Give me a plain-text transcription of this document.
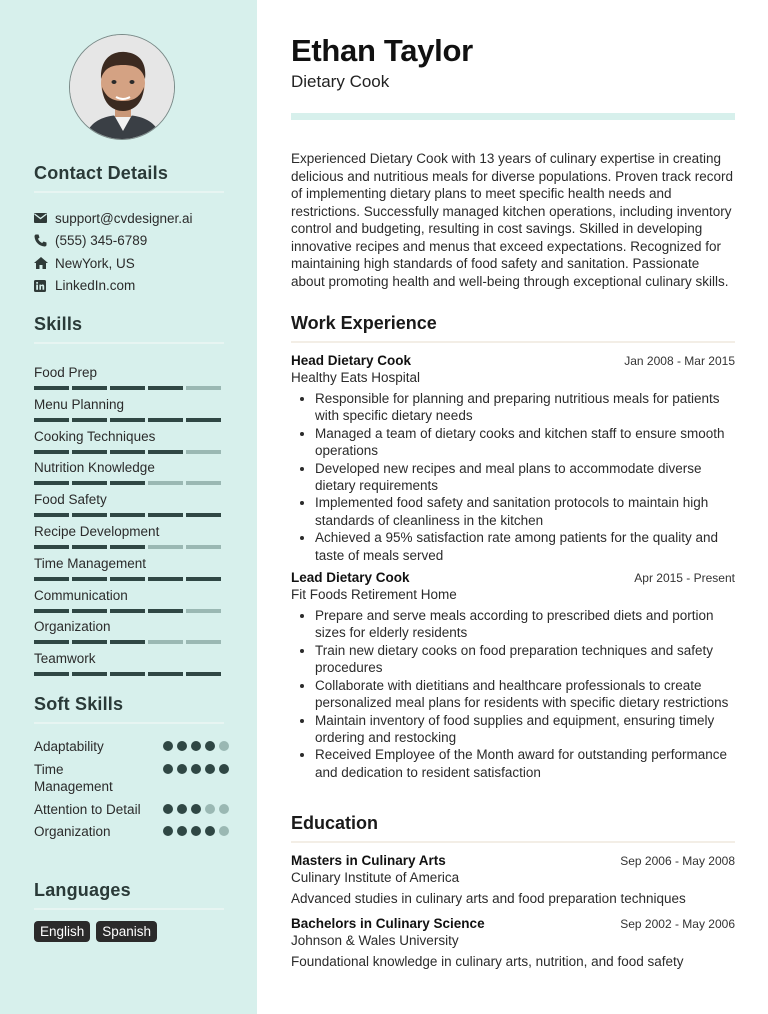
Contact Details
support@cvdesigner.ai
(555) 345-6789
NewYork, US
LinkedIn.com
Skills
Food Prep
Menu Planning
Cooking Techniques
Nutrition Knowledge
Food Safety
Recipe Development
Time Management
Communication
Organization
Teamwork
Soft Skills
Adaptability
Time Management
Attention to Detail
Organization
Languages
English	Spanish
Ethan Taylor
Dietary Cook
Experienced Dietary Cook with 13 years of culinary expertise in creating delicious and nutritious meals for diverse populations. Proven track record of implementing dietary plans to meet specific health needs and restrictions. Successfully managed kitchen operations, including inventory control and budgeting, resulting in cost savings. Skilled in developing innovative recipes and menus that exceed expectations. Recognized for maintaining high standards of food safety and sanitation. Passionate about promoting health and well-being through exceptional culinary skills.
Work Experience
Head Dietary Cook	Jan 2008 - Mar 2015
Healthy Eats Hospital
• Responsible for planning and preparing nutritious meals for patients with specific dietary needs
• Managed a team of dietary cooks and kitchen staff to ensure smooth operations
• Developed new recipes and meal plans to accommodate diverse dietary requirements
• Implemented food safety and sanitation protocols to maintain high standards of cleanliness in the kitchen
• Achieved a 95% satisfaction rate among patients for the quality and taste of meals served
Lead Dietary Cook	Apr 2015 - Present
Fit Foods Retirement Home
• Prepare and serve meals according to prescribed diets and portion sizes for elderly residents
• Train new dietary cooks on food preparation techniques and safety procedures
• Collaborate with dietitians and healthcare professionals to create personalized meal plans for residents with specific dietary restrictions
• Maintain inventory of food supplies and equipment, ensuring timely ordering and restocking
• Received Employee of the Month award for outstanding performance and dedication to resident satisfaction
Education
Masters in Culinary Arts	Sep 2006 - May 2008
Culinary Institute of America
Advanced studies in culinary arts and food preparation techniques
Bachelors in Culinary Science	Sep 2002 - May 2006
Johnson & Wales University
Foundational knowledge in culinary arts, nutrition, and food safety
